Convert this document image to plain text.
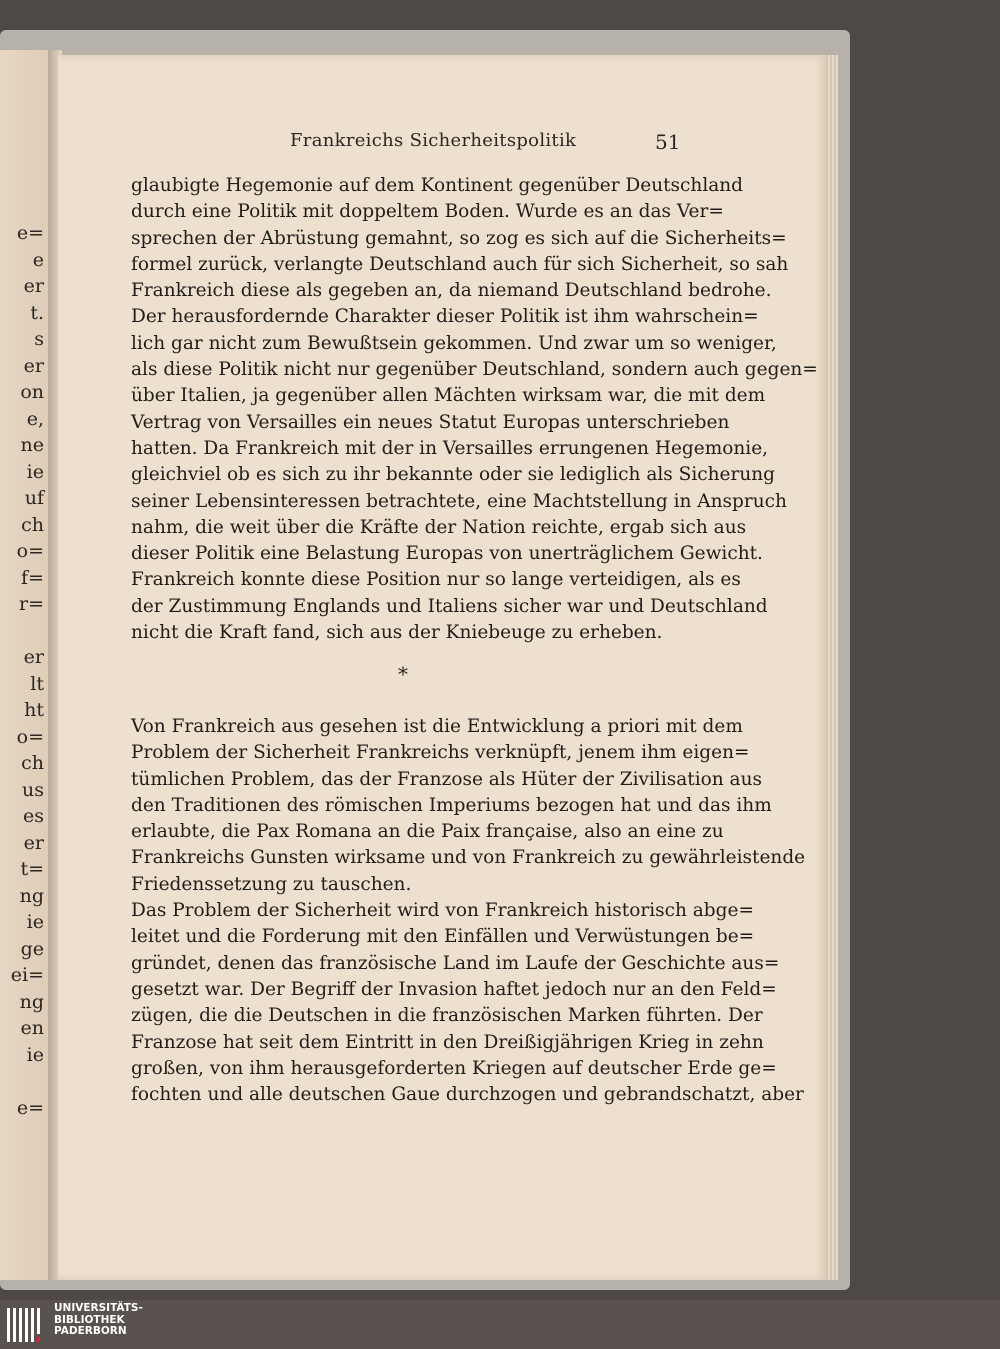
e=
e
er
t.
s
er
on
e,
ne
ie
uf
ch
o=
f=
r=
er
lt
ht
o=
ch
us
es
er
t=
ng
ie
ge
ei=
ng
en
ie
e=
Frankreichs Sicherheitspolitik	51
glaubigte Hegemonie auf dem Kontinent gegenüber Deutschland
durch eine Politik mit doppeltem Boden. Wurde es an das Ver=
sprechen der Abrüstung gemahnt, so zog es sich auf die Sicherheits=
formel zurück, verlangte Deutschland auch für sich Sicherheit, so sah
Frankreich diese als gegeben an, da niemand Deutschland bedrohe.
Der herausfordernde Charakter dieser Politik ist ihm wahrschein=
lich gar nicht zum Bewußtsein gekommen. Und zwar um so weniger,
als diese Politik nicht nur gegenüber Deutschland, sondern auch gegen=
über Italien, ja gegenüber allen Mächten wirksam war, die mit dem
Vertrag von Versailles ein neues Statut Europas unterschrieben
hatten. Da Frankreich mit der in Versailles errungenen Hegemonie,
gleichviel ob es sich zu ihr bekannte oder sie lediglich als Sicherung
seiner Lebensinteressen betrachtete, eine Machtstellung in Anspruch
nahm, die weit über die Kräfte der Nation reichte, ergab sich aus
dieser Politik eine Belastung Europas von unerträglichem Gewicht.
Frankreich konnte diese Position nur so lange verteidigen, als es
der Zustimmung Englands und Italiens sicher war und Deutschland
nicht die Kraft fand, sich aus der Kniebeuge zu erheben.
*
Von Frankreich aus gesehen ist die Entwicklung a priori mit dem
Problem der Sicherheit Frankreichs verknüpft, jenem ihm eigen=
tümlichen Problem, das der Franzose als Hüter der Zivilisation aus
den Traditionen des römischen Imperiums bezogen hat und das ihm
erlaubte, die Pax Romana an die Paix française, also an eine zu
Frankreichs Gunsten wirksame und von Frankreich zu gewährleistende
Friedenssetzung zu tauschen.
Das Problem der Sicherheit wird von Frankreich historisch abge=
leitet und die Forderung mit den Einfällen und Verwüstungen be=
gründet, denen das französische Land im Laufe der Geschichte aus=
gesetzt war. Der Begriff der Invasion haftet jedoch nur an den Feld=
zügen, die die Deutschen in die französischen Marken führten. Der
Franzose hat seit dem Eintritt in den Dreißigjährigen Krieg in zehn
großen, von ihm herausgeforderten Kriegen auf deutscher Erde ge=
fochten und alle deutschen Gaue durchzogen und gebrandschatzt, aber
UNIVERSITÄTS-
BIBLIOTHEK
PADERBORN
